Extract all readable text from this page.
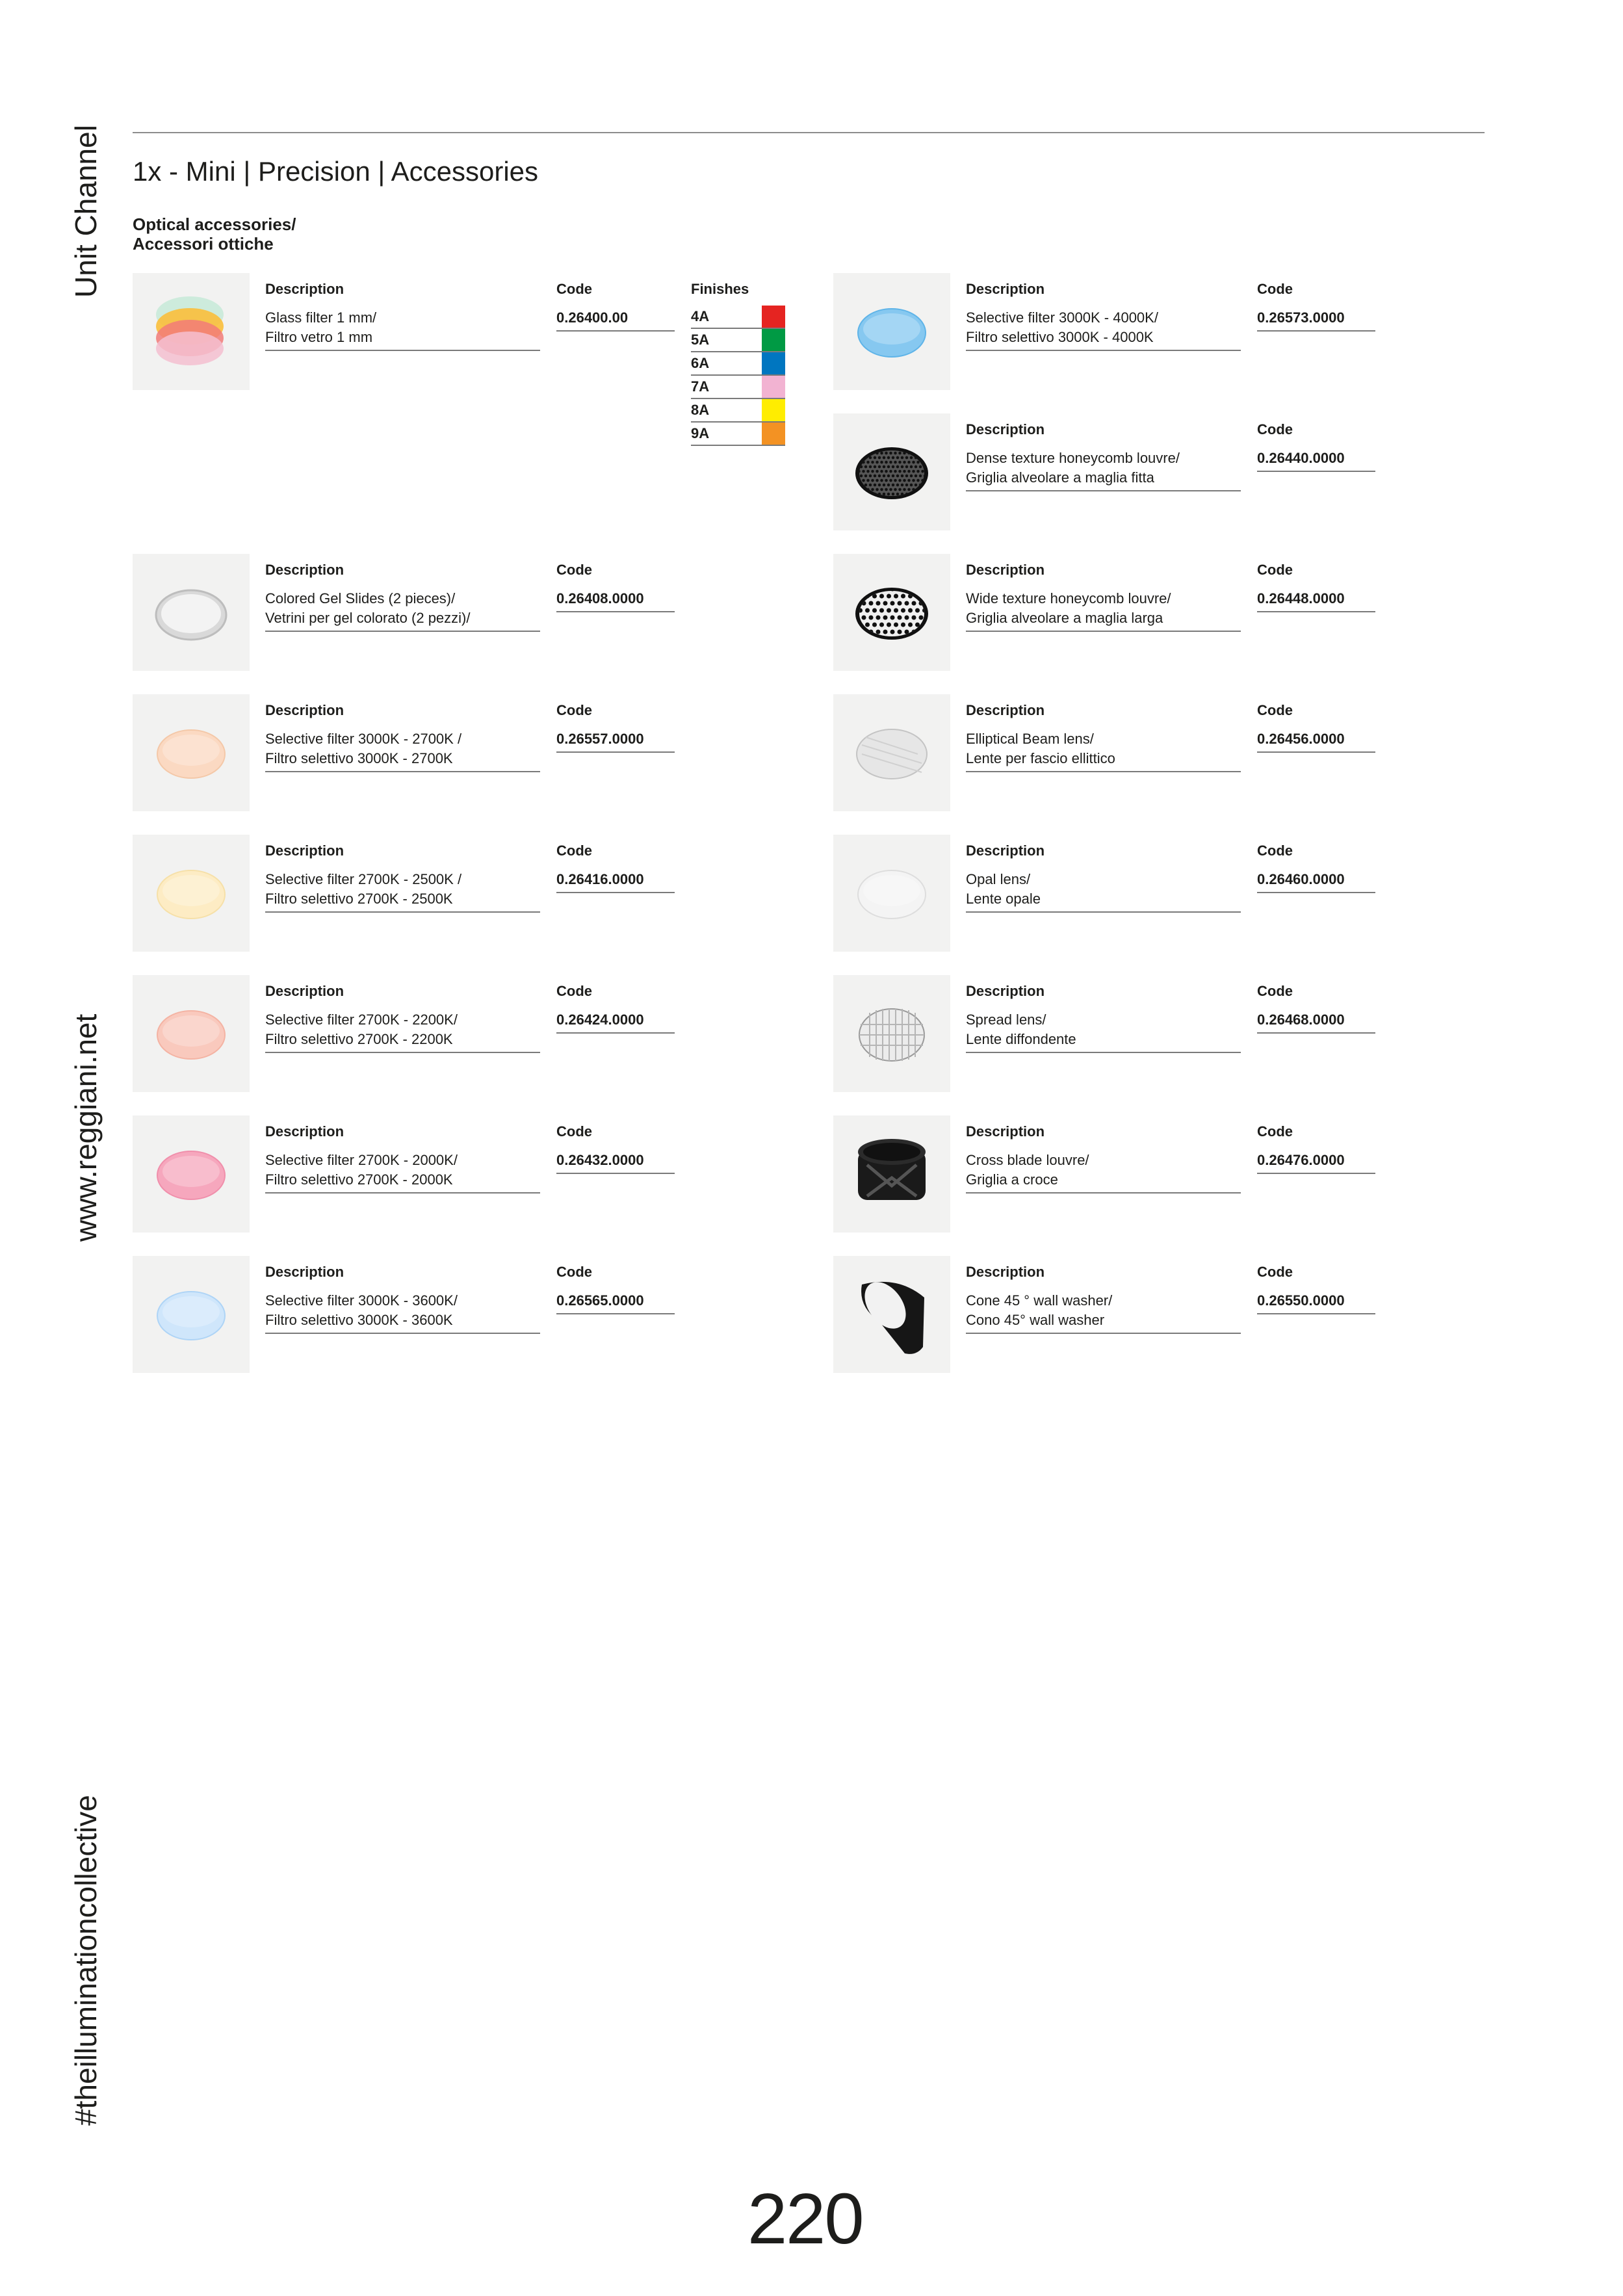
Unit Channel
www.reggiani.net
#theilluminationcollective
1x - Mini | Precision | Accessories
Optical accessories/
Accessori ottiche
Description	Code
Glass filter 1 mm/
Filtro vetro 1 mm
0.26400.00
Description	Code
Selective filter 3000K - 4000K/
Filtro selettivo 3000K - 4000K
0.26573.0000
Description	Code
Dense texture honeycomb louvre/
Griglia alveolare a maglia fitta
0.26440.0000
Description	Code
Colored Gel Slides (2 pieces)/
Vetrini per gel colorato (2 pezzi)/
0.26408.0000
Description	Code
Wide texture honeycomb louvre/
Griglia alveolare a maglia larga
0.26448.0000
Description	Code
Selective filter 3000K - 2700K /
Filtro selettivo 3000K - 2700K
0.26557.0000
Description	Code
Elliptical Beam lens/
Lente per fascio ellittico
0.26456.0000
Description	Code
Selective filter 2700K - 2500K /
Filtro selettivo 2700K - 2500K
0.26416.0000
Description	Code
Opal lens/
Lente opale
0.26460.0000
Description	Code
Selective filter 2700K - 2200K/
Filtro selettivo 2700K - 2200K
0.26424.0000
Description	Code
Spread lens/
Lente diffondente
0.26468.0000
Description	Code
Selective filter 2700K - 2000K/
Filtro selettivo 2700K - 2000K
0.26432.0000
Description	Code
Cross blade louvre/
Griglia a croce
0.26476.0000
Description	Code
Selective filter 3000K - 3600K/
Filtro selettivo 3000K - 3600K
0.26565.0000
Description	Code
Cone 45 ° wall washer/
Cono 45° wall washer
0.26550.0000
Finishes
4A
5A
6A
7A
8A
9A
220
